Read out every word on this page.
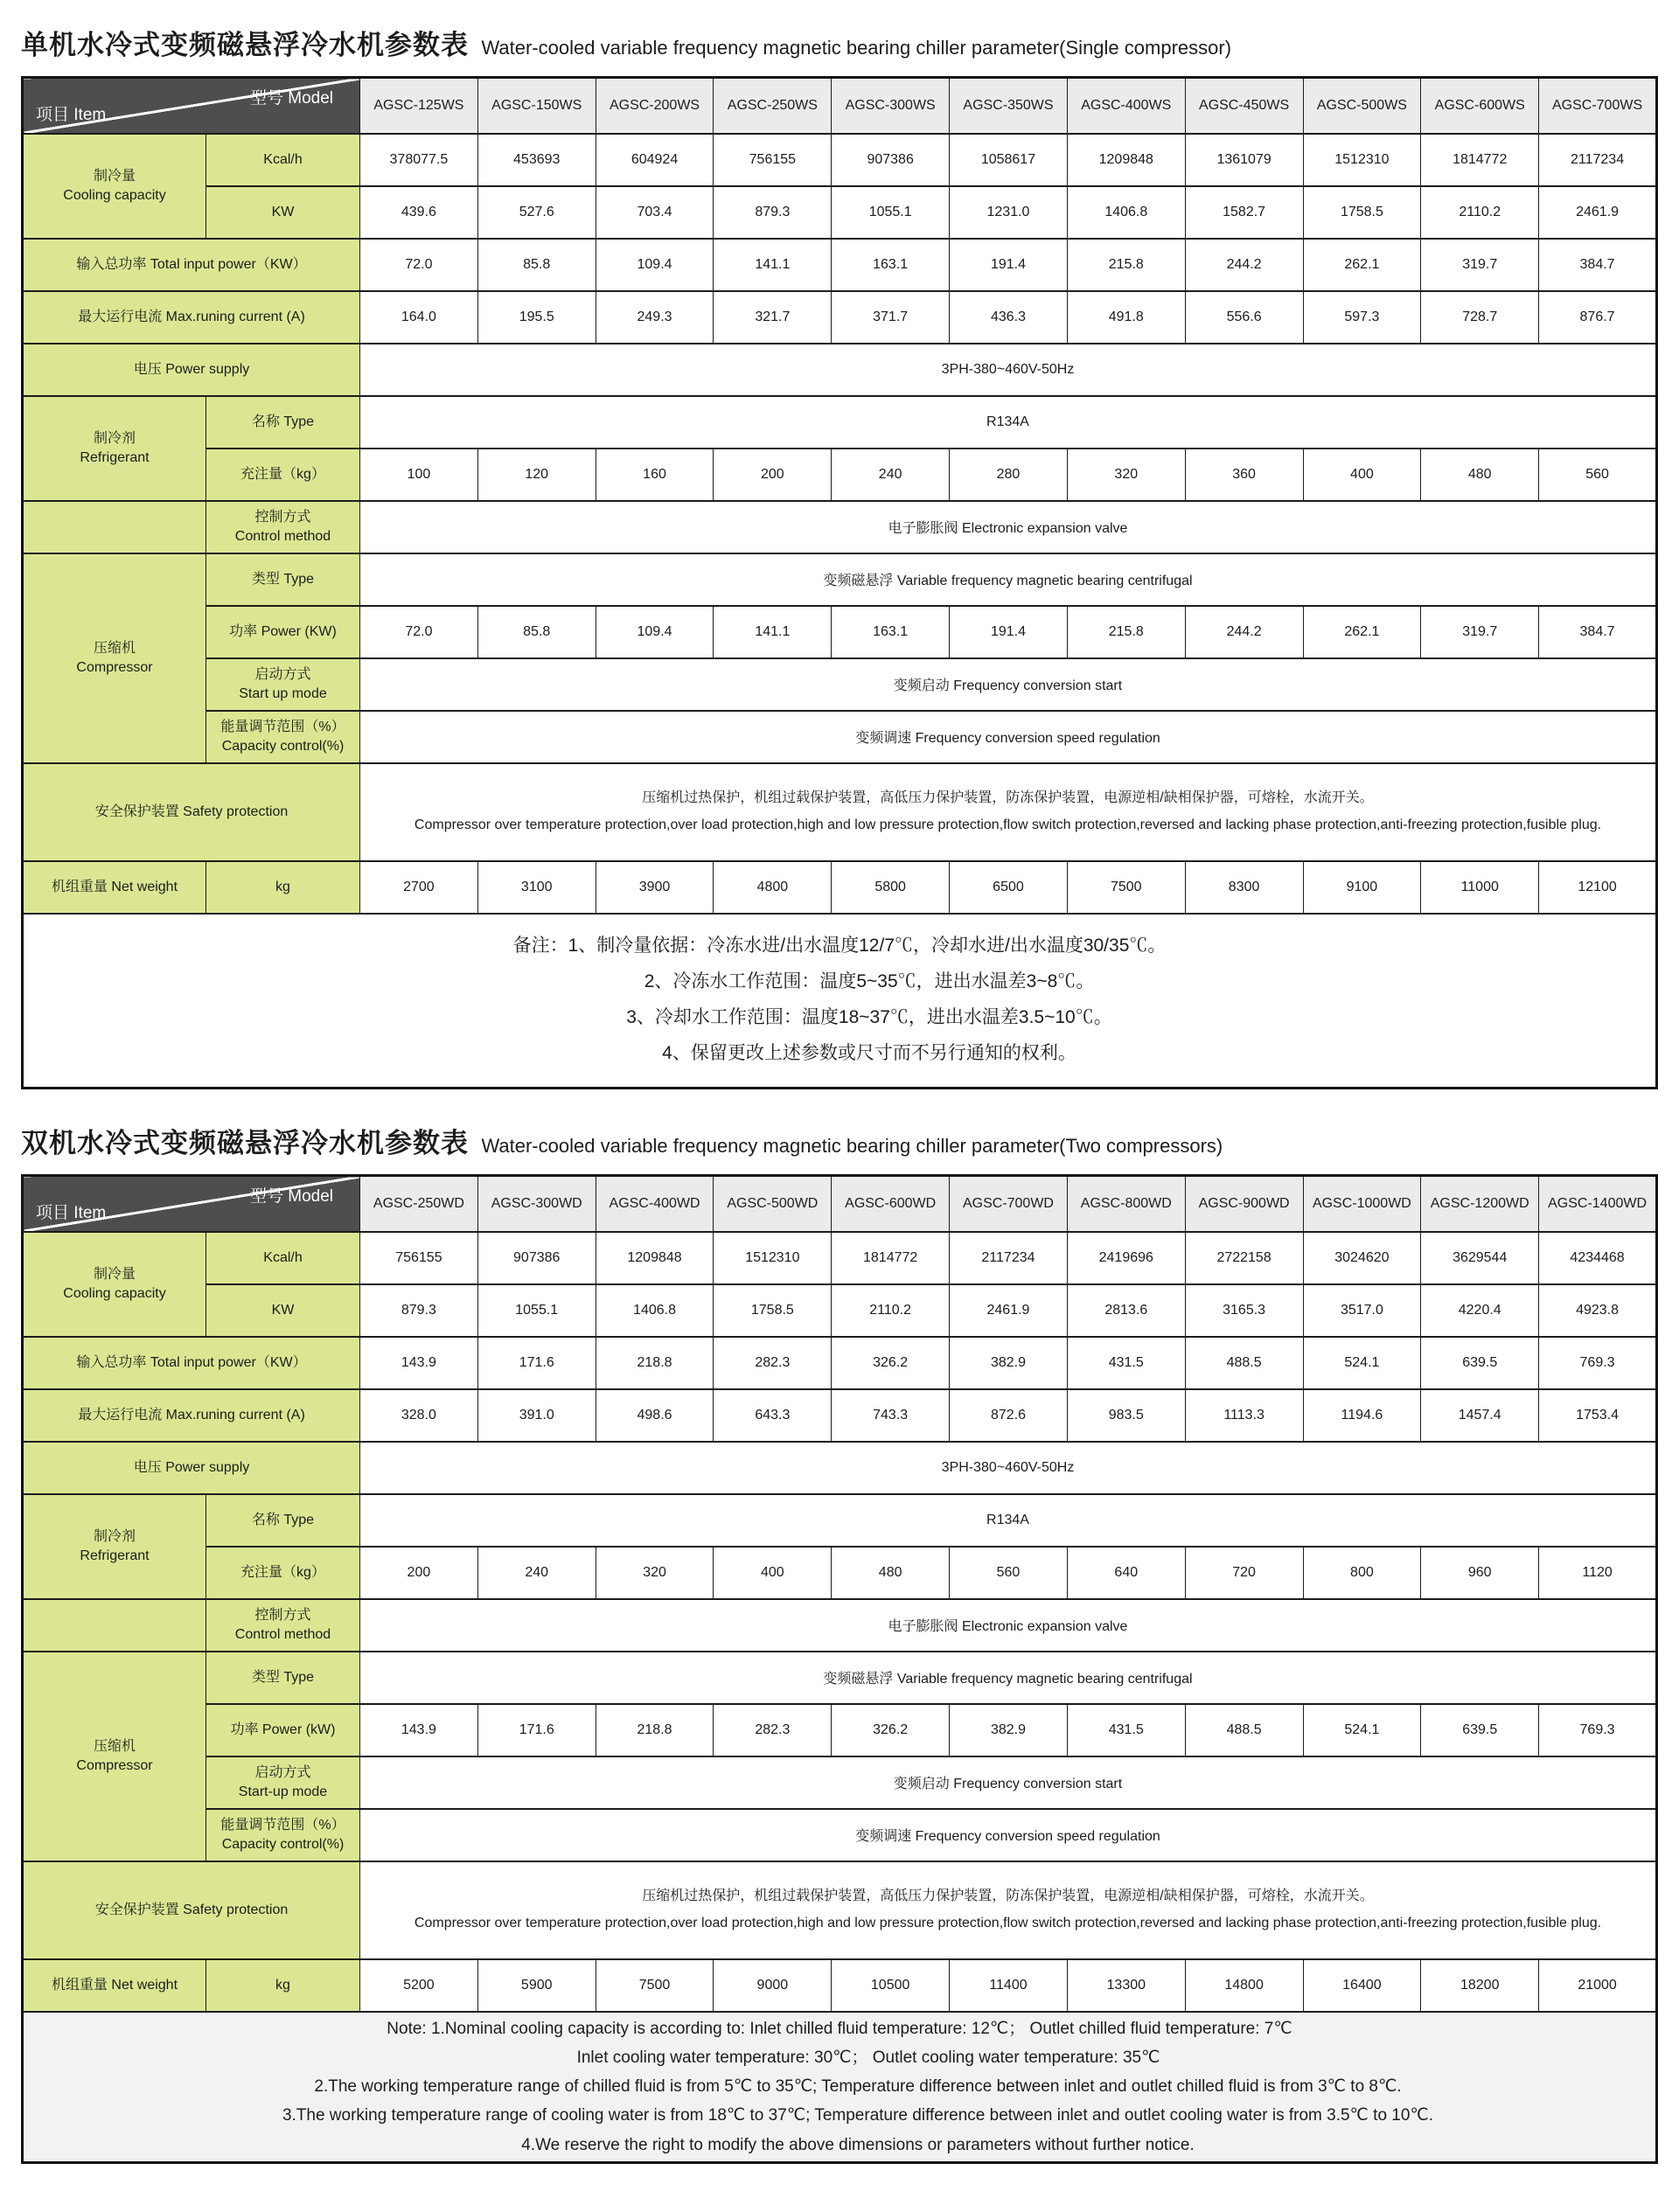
单机水冷式变频磁悬浮冷水机参数表 Water-cooled variable frequency magnetic bearing chiller parameter(Single compressor)
型号 Model
项目 Item		AGSC-125WS	AGSC-150WS	AGSC-200WS	AGSC-250WS	AGSC-300WS	AGSC-350WS	AGSC-400WS	AGSC-450WS	AGSC-500WS	AGSC-600WS	AGSC-700WS
制冷量
Cooling capacity	Kcal/h	378077.5	453693	604924	756155	907386	1058617	1209848	1361079	1512310	1814772	2117234
	KW	439.6	527.6	703.4	879.3	1055.1	1231.0	1406.8	1582.7	1758.5	2110.2	2461.9
输入总功率 Total input power（KW）		72.0	85.8	109.4	141.1	163.1	191.4	215.8	244.2	262.1	319.7	384.7
最大运行电流 Max.runing current (A)		164.0	195.5	249.3	321.7	371.7	436.3	491.8	556.6	597.3	728.7	876.7
电压 Power supply		3PH-380~460V-50Hz										
制冷剂
Refrigerant	名称 Type	R134A										
	充注量（kg）	100	120	160	200	240	280	320	360	400	480	560
	控制方式
Control method	电子膨胀阀 Electronic expansion valve										
压缩机
Compressor	类型 Type	变频磁悬浮 Variable frequency magnetic bearing centrifugal										
	功率 Power (KW)	72.0	85.8	109.4	141.1	163.1	191.4	215.8	244.2	262.1	319.7	384.7
	启动方式
Start up mode	变频启动 Frequency conversion start										
	能量调节范围（%）
Capacity control(%)	变频调速 Frequency conversion speed regulation										
安全保护装置 Safety protection		压缩机过热保护，机组过载保护装置，高低压力保护装置，防冻保护装置，电源逆相/缺相保护器，可熔栓，水流开关。
Compressor over temperature protection,over load protection,high and low pressure protection,flow switch protection,reversed and lacking phase protection,anti-freezing protection,fusible plug.										

机组重量 Net weight	kg	2700	3100	3900	4800	5800	6500	7500	8300	9100	11000	12100

备注：1、制冷量依据：冷冻水进/出水温度12/7℃，冷却水进/出水温度30/35℃。
2、冷冻水工作范围：温度5~35℃，进出水温差3~8℃。
3、冷却水工作范围：温度18~37℃，进出水温差3.5~10℃。
4、保留更改上述参数或尺寸而不另行通知的权利。												
双机水冷式变频磁悬浮冷水机参数表 Water-cooled variable frequency magnetic bearing chiller parameter(Two compressors)
型号 Model
项目 Item		AGSC-250WD	AGSC-300WD	AGSC-400WD	AGSC-500WD	AGSC-600WD	AGSC-700WD	AGSC-800WD	AGSC-900WD	AGSC-1000WD	AGSC-1200WD	AGSC-1400WD
制冷量
Cooling capacity	Kcal/h	756155	907386	1209848	1512310	1814772	2117234	2419696	2722158	3024620	3629544	4234468
	KW	879.3	1055.1	1406.8	1758.5	2110.2	2461.9	2813.6	3165.3	3517.0	4220.4	4923.8
输入总功率 Total input power（KW）		143.9	171.6	218.8	282.3	326.2	382.9	431.5	488.5	524.1	639.5	769.3
最大运行电流 Max.runing current (A)		328.0	391.0	498.6	643.3	743.3	872.6	983.5	1113.3	1194.6	1457.4	1753.4
电压 Power supply		3PH-380~460V-50Hz										
制冷剂
Refrigerant	名称 Type	R134A										
	充注量（kg）	200	240	320	400	480	560	640	720	800	960	1120
	控制方式
Control method	电子膨胀阀 Electronic expansion valve										
压缩机
Compressor	类型 Type	变频磁悬浮 Variable frequency magnetic bearing centrifugal										
	功率 Power (kW)	143.9	171.6	218.8	282.3	326.2	382.9	431.5	488.5	524.1	639.5	769.3
	启动方式
Start-up mode	变频启动 Frequency conversion start										
	能量调节范围（%）
Capacity control(%)	变频调速 Frequency conversion speed regulation										
安全保护装置 Safety protection		压缩机过热保护，机组过载保护装置，高低压力保护装置，防冻保护装置，电源逆相/缺相保护器，可熔栓，水流开关。
Compressor over temperature protection,over load protection,high and low pressure protection,flow switch protection,reversed and lacking phase protection,anti-freezing protection,fusible plug.										

机组重量 Net weight	kg	5200	5900	7500	9000	10500	11400	13300	14800	16400	18200	21000

Note: 1.Nominal cooling capacity is according to: Inlet chilled fluid temperature: 12℃； Outlet chilled fluid temperature: 7℃
Inlet cooling water temperature: 30℃； Outlet cooling water temperature: 35℃
2.The working temperature range of chilled fluid is from 5℃ to 35℃; Temperature difference between inlet and outlet chilled fluid is from 3℃ to 8℃.
3.The working temperature range of cooling water is from 18℃ to 37℃; Temperature difference between inlet and outlet cooling water is from 3.5℃ to 10℃.
4.We reserve the right to modify the above dimensions or parameters without further notice.												
